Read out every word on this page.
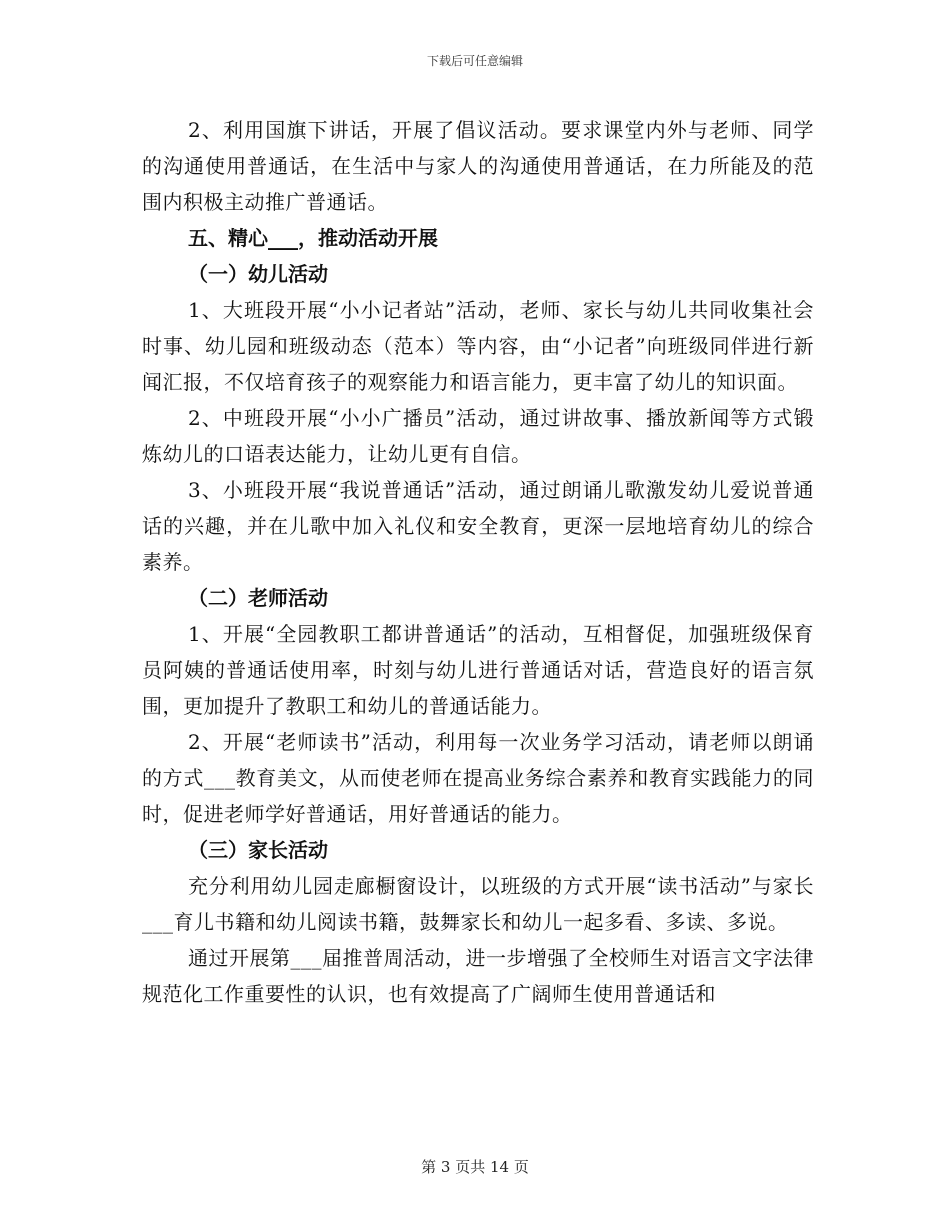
下载后可任意编辑

2、利用国旗下讲话，开展了倡议活动。要求课堂内外与老师、同学的沟通使用普通话，在生活中与家人的沟通使用普通话，在力所能及的范围内积极主动推广普通话。

五、精心___，推动活动开展

（一）幼儿活动

1、大班段开展“小小记者站”活动，老师、家长与幼儿共同收集社会时事、幼儿园和班级动态（范本）等内容，由“小记者”向班级同伴进行新闻汇报，不仅培育孩子的观察能力和语言能力，更丰富了幼儿的知识面。

2、中班段开展“小小广播员”活动，通过讲故事、播放新闻等方式锻炼幼儿的口语表达能力，让幼儿更有自信。

3、小班段开展“我说普通话”活动，通过朗诵儿歌激发幼儿爱说普通话的兴趣，并在儿歌中加入礼仪和安全教育，更深一层地培育幼儿的综合素养。

（二）老师活动

1、开展“全园教职工都讲普通话”的活动，互相督促，加强班级保育员阿姨的普通话使用率，时刻与幼儿进行普通话对话，营造良好的语言氛围，更加提升了教职工和幼儿的普通话能力。

2、开展“老师读书”活动，利用每一次业务学习活动，请老师以朗诵的方式___教育美文，从而使老师在提高业务综合素养和教育实践能力的同时，促进老师学好普通话，用好普通话的能力。

（三）家长活动

充分利用幼儿园走廊橱窗设计，以班级的方式开展“读书活动”与家长___育儿书籍和幼儿阅读书籍，鼓舞家长和幼儿一起多看、多读、多说。

通过开展第___届推普周活动，进一步增强了全校师生对语言文字法律规范化工作重要性的认识，也有效提高了广阔师生使用普通话和

第 3 页共 14 页
